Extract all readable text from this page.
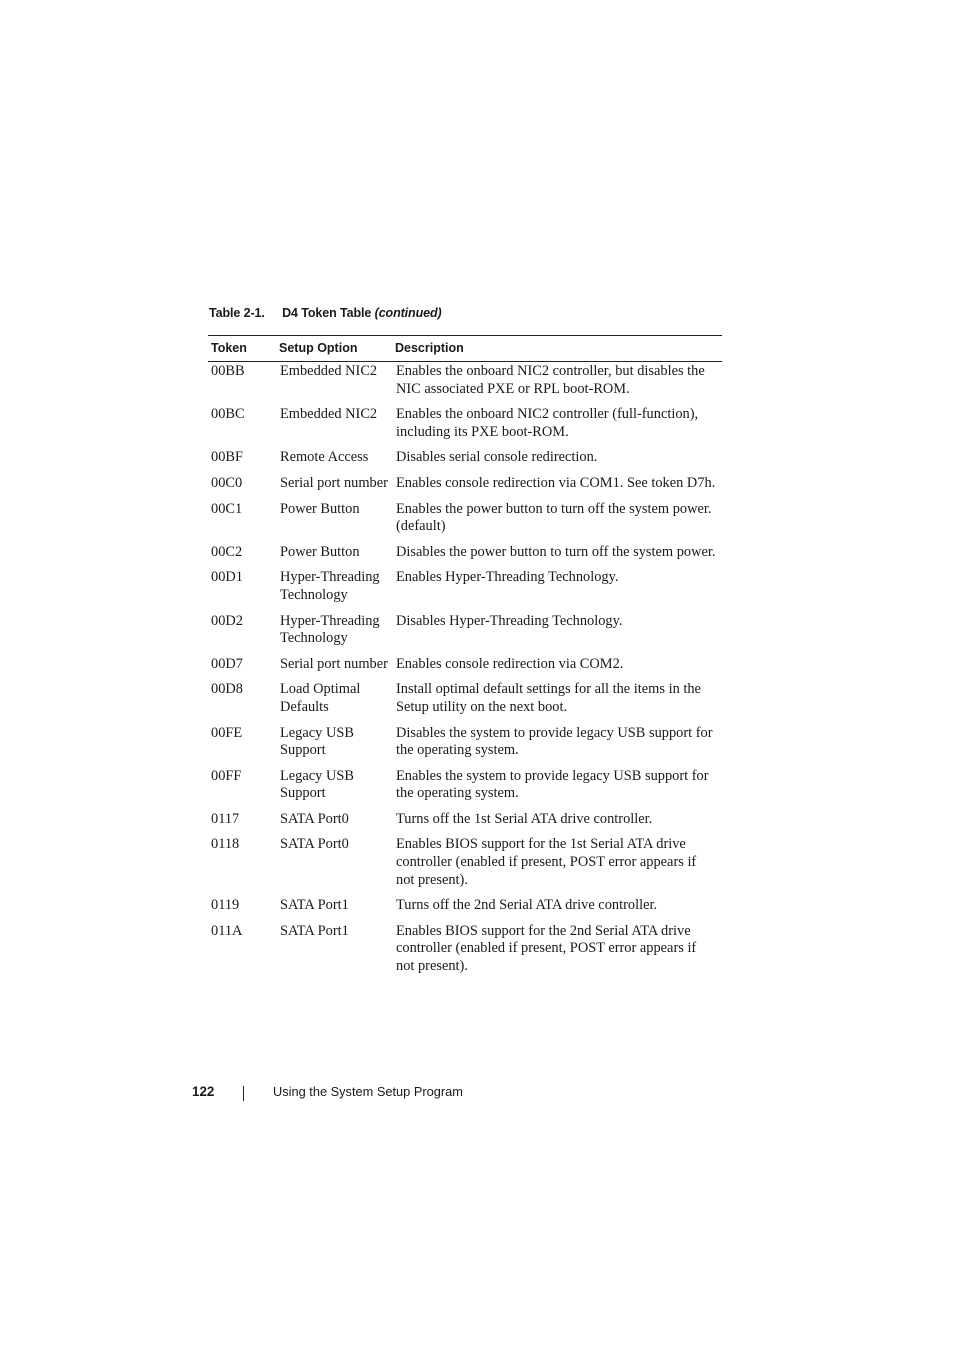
Table 2-1. D4 Token Table (continued)
Token	Setup Option	Description
00BB	Embedded NIC2	Enables the onboard NIC2 controller, but disables the NIC associated PXE or RPL boot-ROM.
00BC	Embedded NIC2	Enables the onboard NIC2 controller (full-function), including its PXE boot-ROM.
00BF	Remote Access	Disables serial console redirection.
00C0	Serial port number	Enables console redirection via COM1. See token D7h.
00C1	Power Button	Enables the power button to turn off the system power. (default)
00C2	Power Button	Disables the power button to turn off the system power.
00D1	Hyper-Threading Technology	Enables Hyper-Threading Technology.
00D2	Hyper-Threading Technology	Disables Hyper-Threading Technology.
00D7	Serial port number	Enables console redirection via COM2.
00D8	Load Optimal Defaults	Install optimal default settings for all the items in the Setup utility on the next boot.
00FE	Legacy USB Support	Disables the system to provide legacy USB support for the operating system.
00FF	Legacy USB Support	Enables the system to provide legacy USB support for the operating system.
0117	SATA Port0	Turns off the 1st Serial ATA drive controller.
0118	SATA Port0	Enables BIOS support for the 1st Serial ATA drive controller (enabled if present, POST error appears if not present).
0119	SATA Port1	Turns off the 2nd Serial ATA drive controller.
011A	SATA Port1	Enables BIOS support for the 2nd Serial ATA drive controller (enabled if present, POST error appears if not present).
122	Using the System Setup Program
